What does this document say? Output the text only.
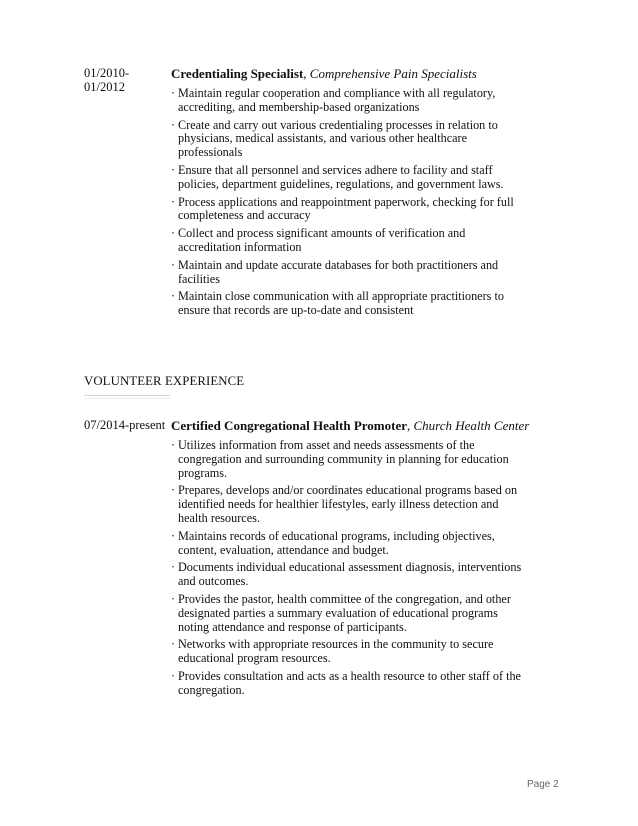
01/2010-
01/2012

Credentialing Specialist, Comprehensive Pain Specialists

· Maintain regular cooperation and compliance with all regulatory, accrediting, and membership-based organizations
· Create and carry out various credentialing processes in relation to physicians, medical assistants, and various other healthcare professionals
· Ensure that all personnel and services adhere to facility and staff policies, department guidelines, regulations, and government laws.
· Process applications and reappointment paperwork, checking for full completeness and accuracy
· Collect and process significant amounts of verification and accreditation information
· Maintain and update accurate databases for both practitioners and facilities
· Maintain close communication with all appropriate practitioners to ensure that records are up-to-date and consistent
VOLUNTEER EXPERIENCE
07/2014-present Certified Congregational Health Promoter, Church Health Center

· Utilizes information from asset and needs assessments of the congregation and surrounding community in planning for education programs.
· Prepares, develops and/or coordinates educational programs based on identified needs for healthier lifestyles, early illness detection and health resources.
· Maintains records of educational programs, including objectives, content, evaluation, attendance and budget.
· Documents individual educational assessment diagnosis, interventions and outcomes.
· Provides the pastor, health committee of the congregation, and other designated parties a summary evaluation of educational programs noting attendance and response of participants.
· Networks with appropriate resources in the community to secure educational program resources.
· Provides consultation and acts as a health resource to other staff of the congregation.
Page 2
